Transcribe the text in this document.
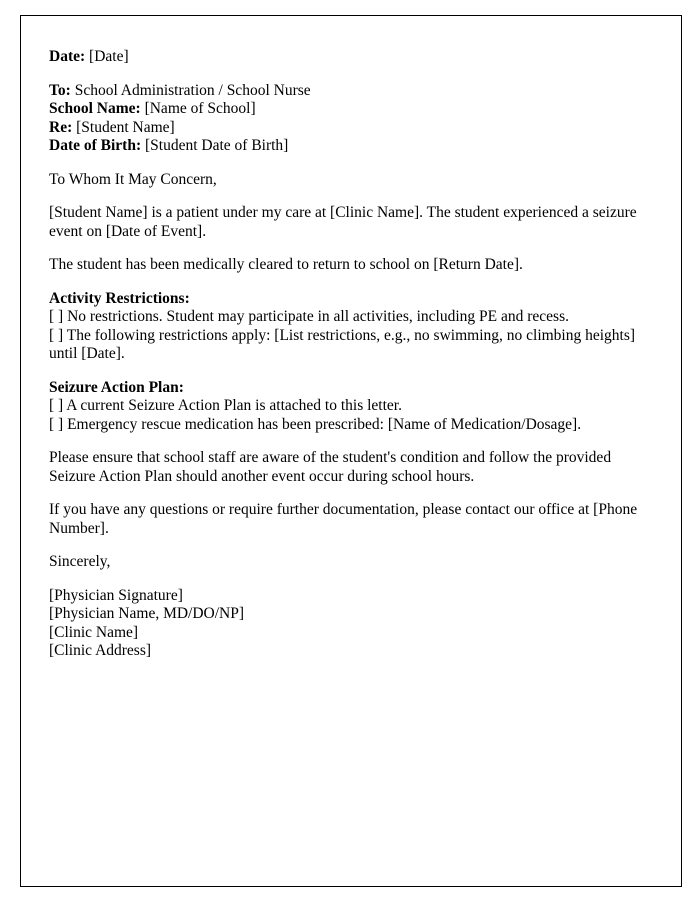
Date: [Date]

To: School Administration / School Nurse
School Name: [Name of School]
Re: [Student Name]
Date of Birth: [Student Date of Birth]

To Whom It May Concern,

[Student Name] is a patient under my care at [Clinic Name]. The student experienced a seizure event on [Date of Event].

The student has been medically cleared to return to school on [Return Date].

Activity Restrictions:
[ ] No restrictions. Student may participate in all activities, including PE and recess.
[ ] The following restrictions apply: [List restrictions, e.g., no swimming, no climbing heights] until [Date].
Seizure Action Plan:
[ ] A current Seizure Action Plan is attached to this letter.
[ ] Emergency rescue medication has been prescribed: [Name of Medication/Dosage].

Please ensure that school staff are aware of the student's condition and follow the provided Seizure Action Plan should another event occur during school hours.

If you have any questions or require further documentation, please contact our office at [Phone Number].

Sincerely,

[Physician Signature]
[Physician Name, MD/DO/NP]
[Clinic Name]
[Clinic Address]
